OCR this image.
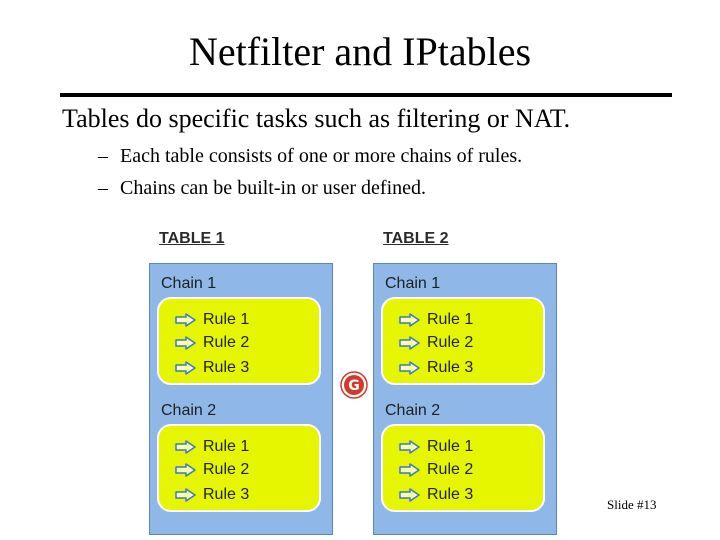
Netfilter and IPtables
Tables do specific tasks such as filtering or NAT.
– Each table consists of one or more chains of rules.
– Chains can be built-in or user defined.
TABLE 1	TABLE 2
Chain 1
Rule 1
Rule 2
Rule 3
Chain 2
Rule 1
Rule 2
Rule 3
Chain 1
Rule 1
Rule 2
Rule 3
Chain 2
Rule 1
Rule 2
Rule 3
G
Slide #13
